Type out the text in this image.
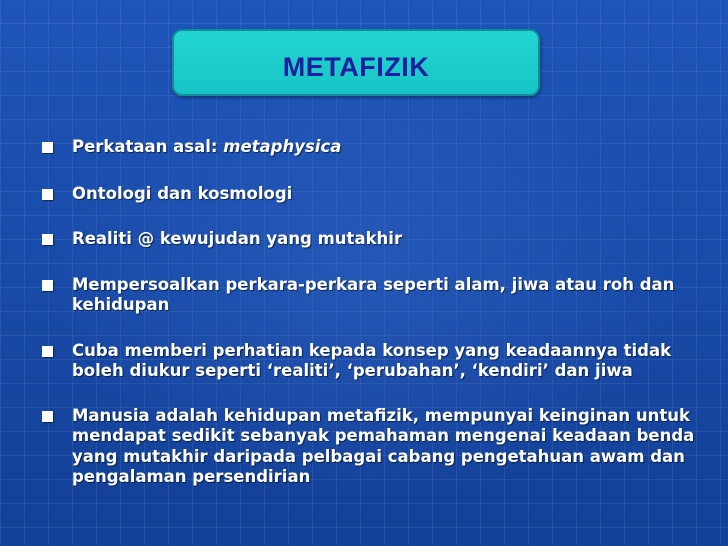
METAFIZIK
Perkataan asal: metaphysica
Ontologi dan kosmologi
Realiti @ kewujudan yang mutakhir
Mempersoalkan perkara-perkara seperti alam, jiwa atau roh dan kehidupan
Cuba memberi perhatian kepada konsep yang keadaannya tidak boleh diukur seperti ‘realiti’, ‘perubahan’, ‘kendiri’ dan jiwa
Manusia adalah kehidupan metafizik, mempunyai keinginan untuk mendapat sedikit sebanyak pemahaman mengenai keadaan benda yang mutakhir daripada pelbagai cabang pengetahuan awam dan pengalaman persendirian
